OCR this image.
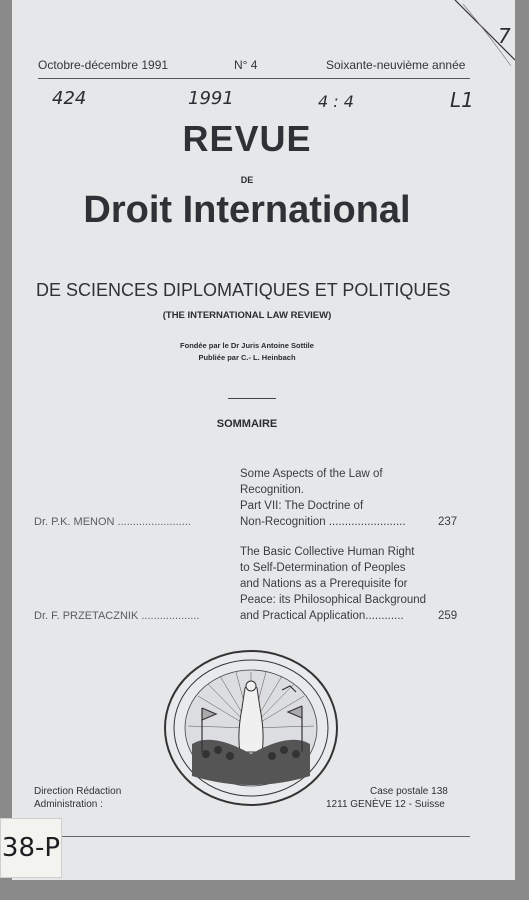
7
Octobre-décembre 1991	N° 4	Soixante-neuvième année
424	1991	4 : 4	L1
REVUE
DE
Droit International
DE SCIENCES DIPLOMATIQUES ET POLITIQUES
(THE INTERNATIONAL LAW REVIEW)
Fondée par le Dr Juris Antoine Sottile
Publiée par C.- L. Heinbach
SOMMAIRE
Some Aspects of the Law of
Recognition.
Part VII: The Doctrine of
Non-Recognition ........................
Dr. P.K. MENON ........................	237
The Basic Collective Human Right
to Self-Determination of Peoples
and Nations as a Prerequisite for
Peace: its Philosophical Background
and Practical Application............
Dr. F. PRZETACZNIK ...................	259
Direction Rédaction
Administration :
Case postale 138
1211 GENÈVE 12 - Suisse
38-P
